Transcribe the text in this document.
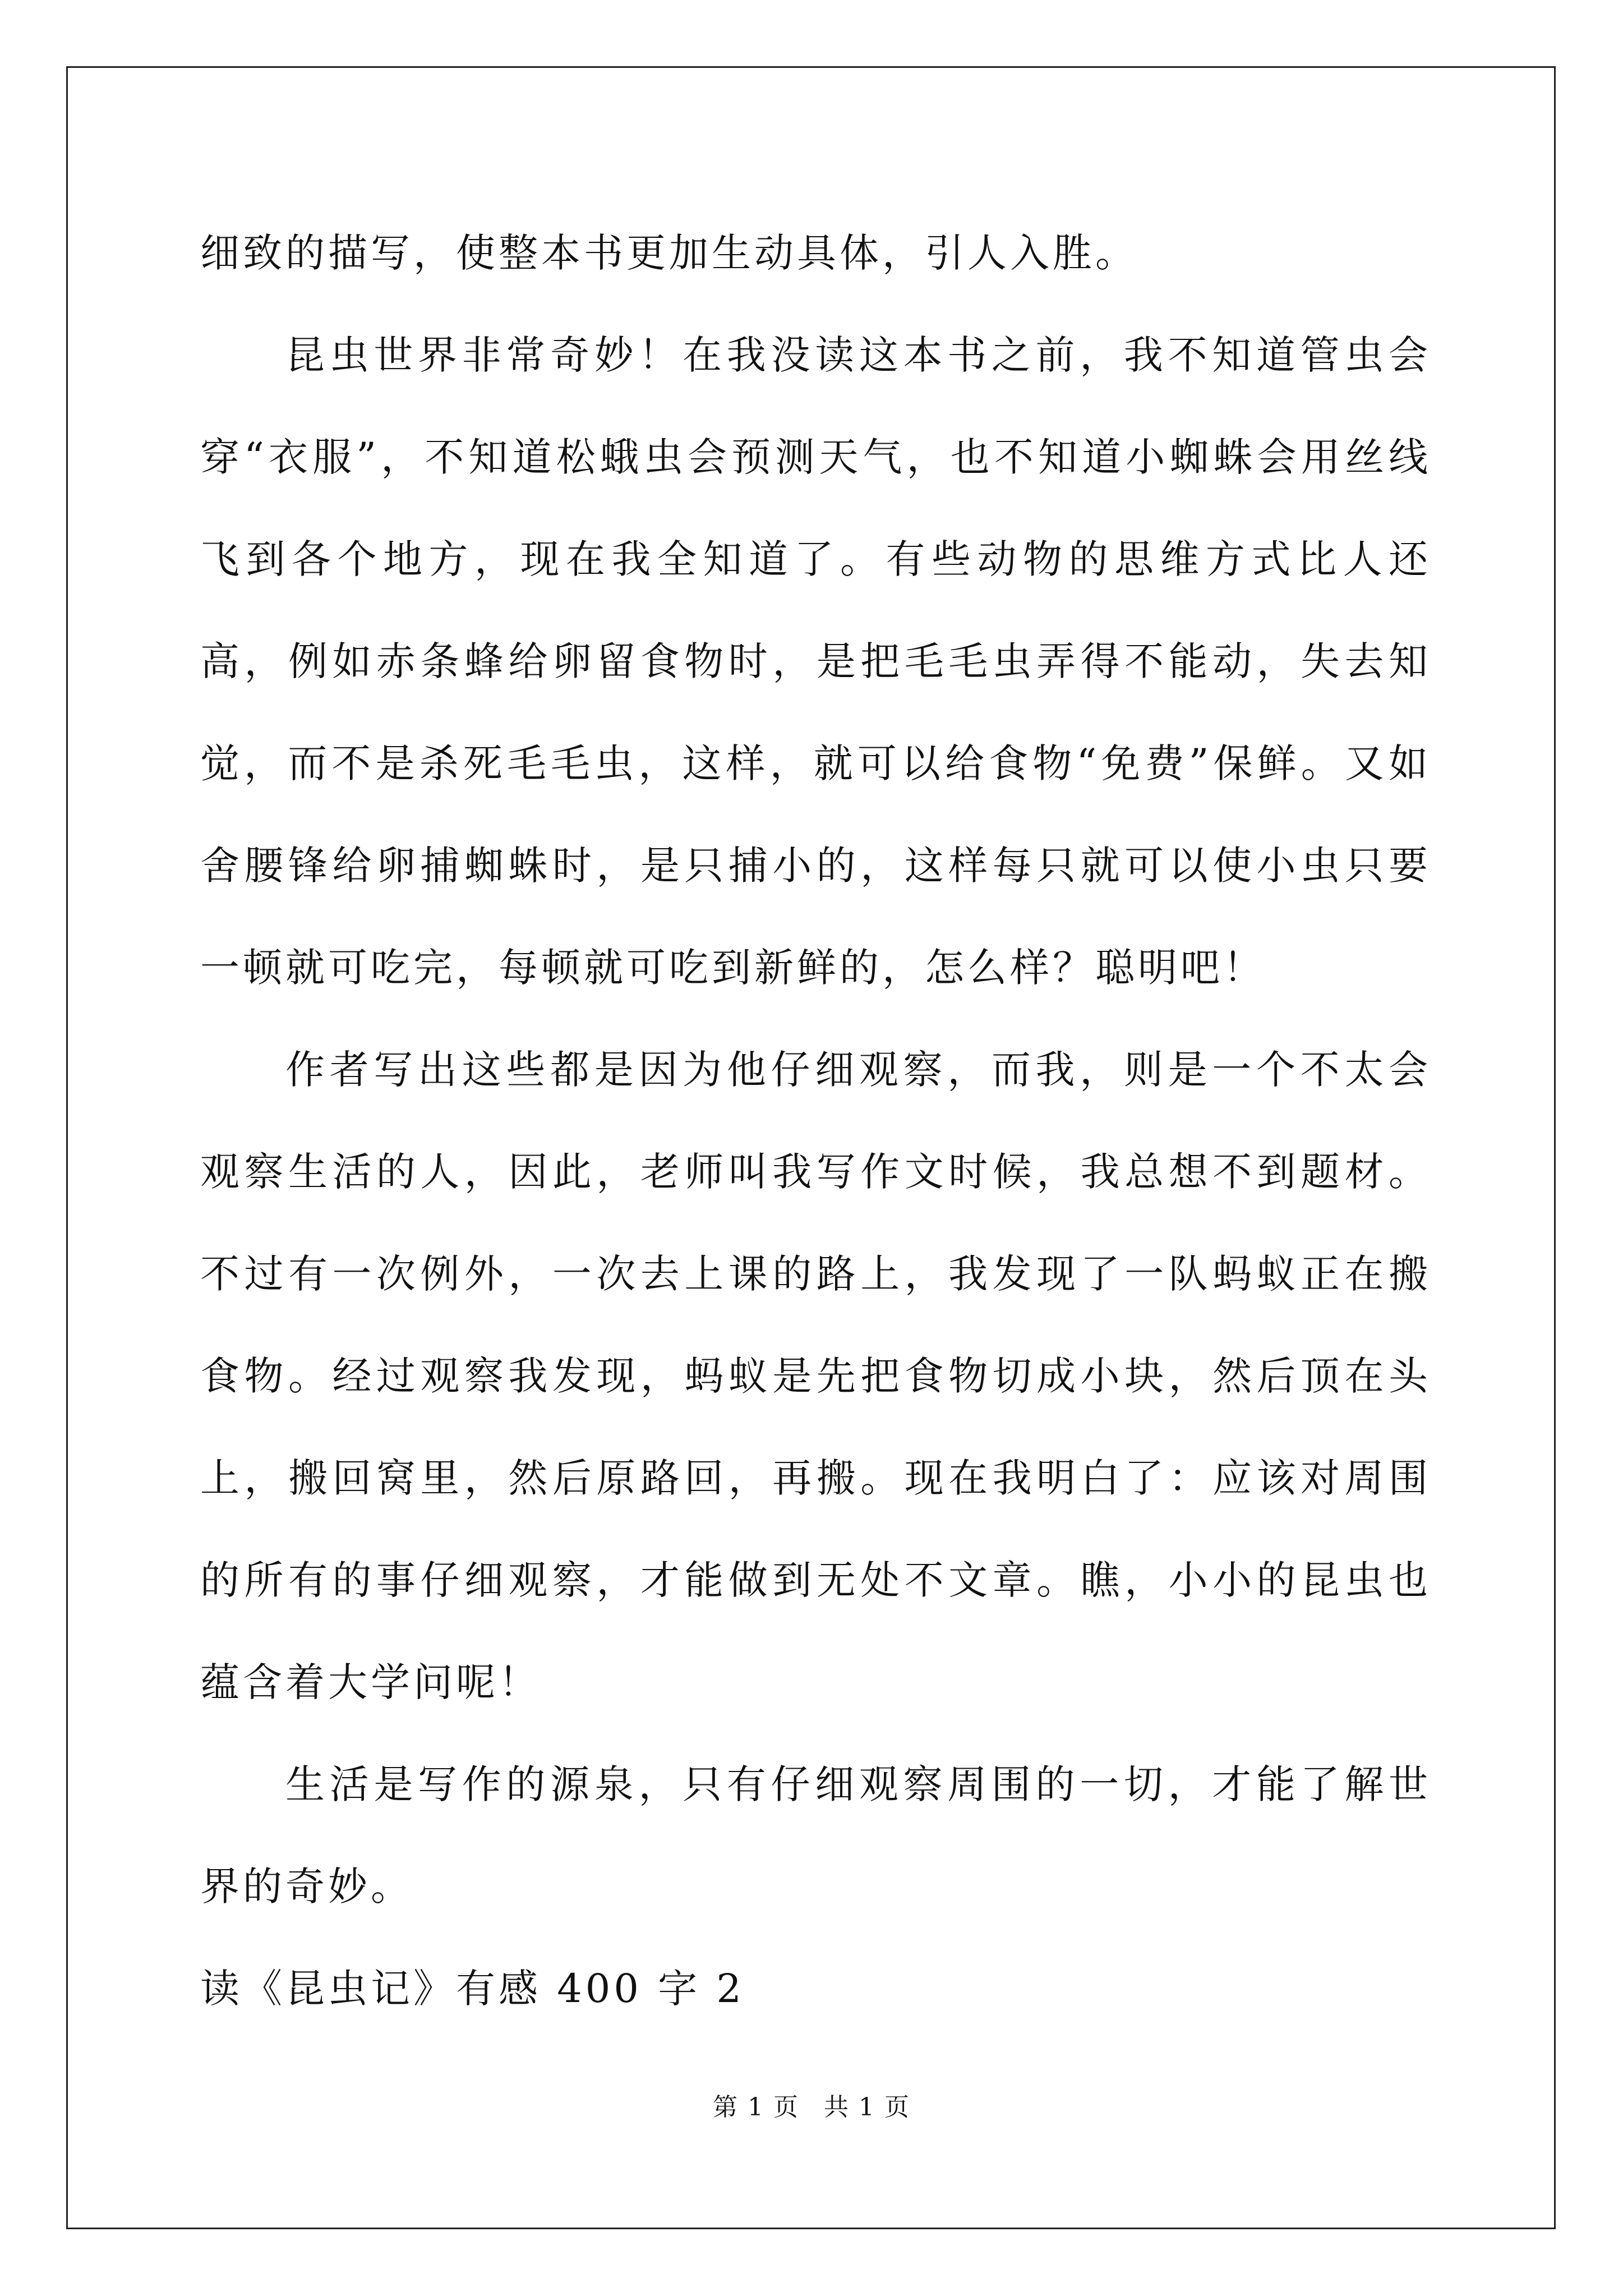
细致的描写，使整本书更加生动具体，引人入胜。

昆虫世界非常奇妙！在我没读这本书之前，我不知道管虫会穿“衣服”，不知道松蛾虫会预测天气，也不知道小蜘蛛会用丝线飞到各个地方，现在我全知道了。有些动物的思维方式比人还高，例如赤条蜂给卵留食物时，是把毛毛虫弄得不能动，失去知觉，而不是杀死毛毛虫，这样，就可以给食物“免费”保鲜。又如舍腰锋给卵捕蜘蛛时，是只捕小的，这样每只就可以使小虫只要一顿就可吃完，每顿就可吃到新鲜的，怎么样？聪明吧！

作者写出这些都是因为他仔细观察，而我，则是一个不太会观察生活的人，因此，老师叫我写作文时候，我总想不到题材。不过有一次例外，一次去上课的路上，我发现了一队蚂蚁正在搬食物。经过观察我发现，蚂蚁是先把食物切成小块，然后顶在头上，搬回窝里，然后原路回，再搬。现在我明白了：应该对周围的所有的事仔细观察，才能做到无处不文章。瞧，小小的昆虫也蕴含着大学问呢！

生活是写作的源泉，只有仔细观察周围的一切，才能了解世界的奇妙。

读《昆虫记》有感 400 字 2

第 1 页 共 1 页
